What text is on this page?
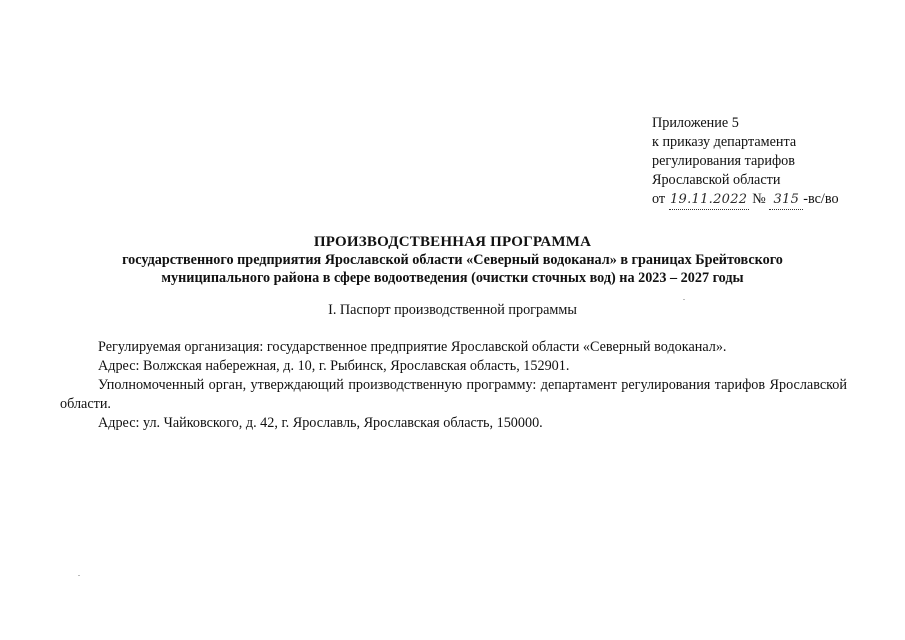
Приложение 5
к приказу департамента
регулирования тарифов
Ярославской области
от 19.11.2022 № 315 -вс/во
ПРОИЗВОДСТВЕННАЯ ПРОГРАММА
государственного предприятия Ярославской области «Северный водоканал» в границах Брейтовского
муниципального района в сфере водоотведения (очистки сточных вод) на 2023 – 2027 годы
I. Паспорт производственной программы

Регулируемая организация: государственное предприятие Ярославской области «Северный водоканал».

Адрес: Волжская набережная, д. 10, г. Рыбинск, Ярославская область, 152901.

Уполномоченный орган, утверждающий производственную программу: департамент регулирования тарифов Ярославской области.

Адрес: ул. Чайковского, д. 42, г. Ярославль, Ярославская область, 150000.
